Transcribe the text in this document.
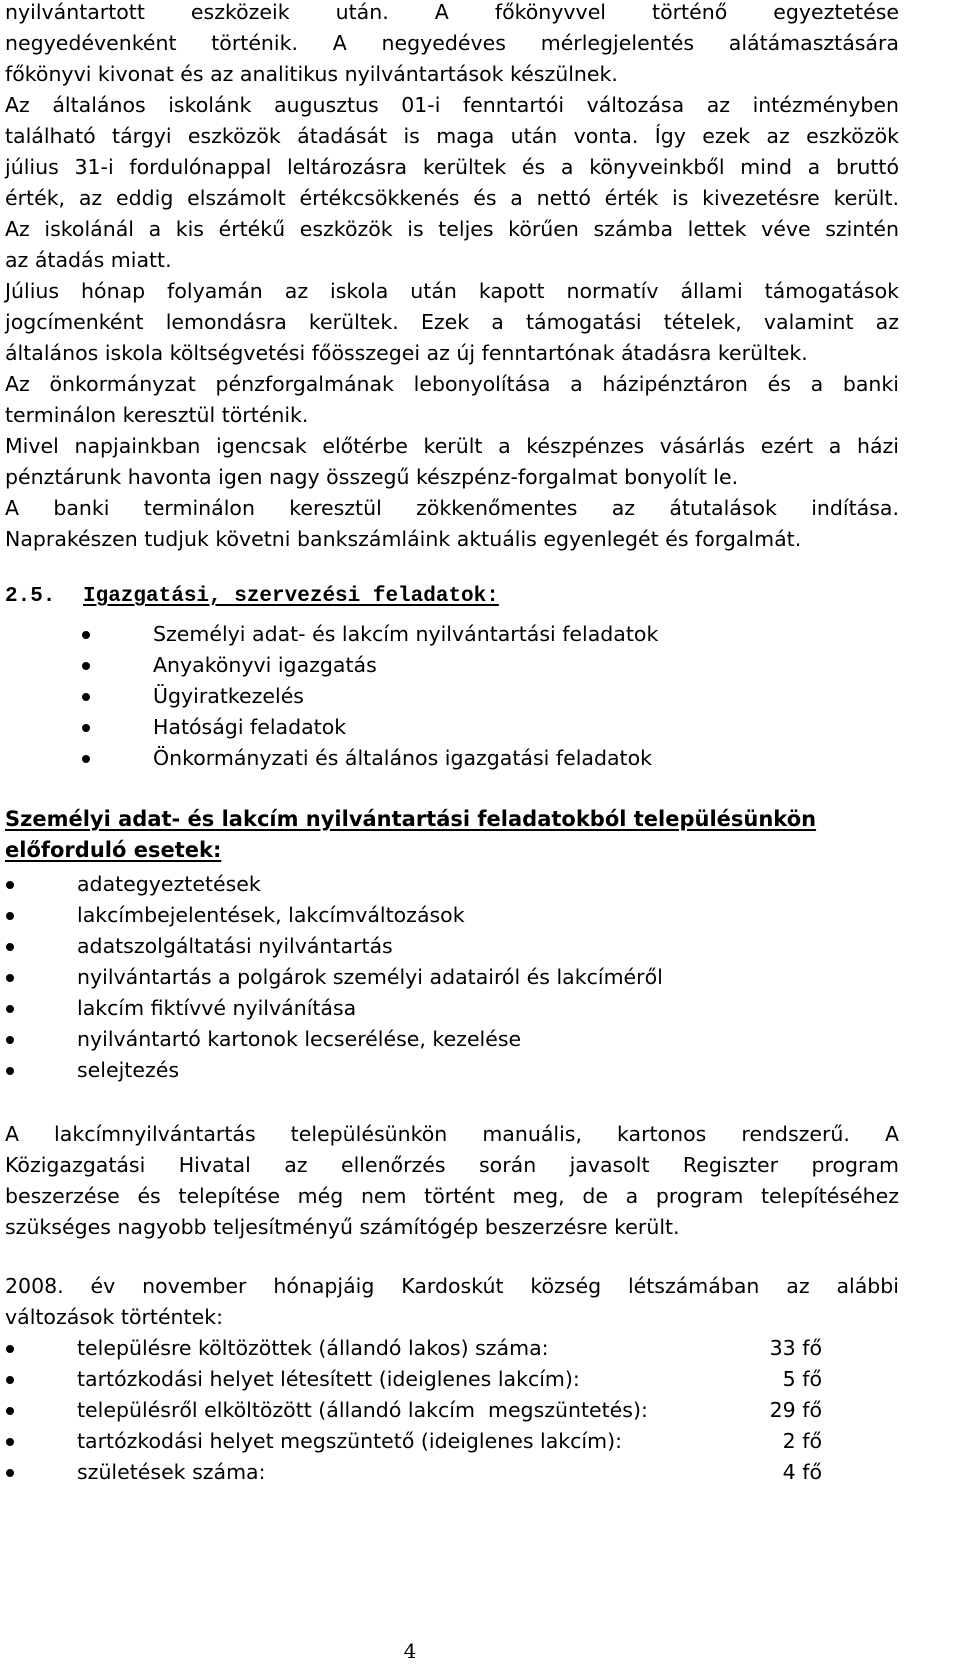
nyilvántartott eszközeik után. A főkönyvvel történő egyeztetése
negyedévenként történik. A negyedéves mérlegjelentés alátámasztására
főkönyvi kivonat és az analitikus nyilvántartások készülnek.
Az általános iskolánk augusztus 01-i fenntartói változása az intézményben
található tárgyi eszközök átadását is maga után vonta. Így ezek az eszközök
július 31-i fordulónappal leltározásra kerültek és a könyveinkből mind a bruttó
érték, az eddig elszámolt értékcsökkenés és a nettó érték is kivezetésre került.
Az iskolánál a kis értékű eszközök is teljes körűen számba lettek véve szintén
az átadás miatt.
Július hónap folyamán az iskola után kapott normatív állami támogatások
jogcímenként lemondásra kerültek. Ezek a támogatási tételek, valamint az
általános iskola költségvetési főösszegei az új fenntartónak átadásra kerültek.
Az önkormányzat pénzforgalmának lebonyolítása a házipénztáron és a banki
terminálon keresztül történik.
Mivel napjainkban igencsak előtérbe került a készpénzes vásárlás ezért a házi
pénztárunk havonta igen nagy összegű készpénz-forgalmat bonyolít le.
A banki terminálon keresztül zökkenőmentes az átutalások indítása.
Naprakészen tudjuk követni bankszámláink aktuális egyenlegét és forgalmát.
2.5. Igazgatási, szervezési feladatok:
Személyi adat- és lakcím nyilvántartási feladatok
Anyakönyvi igazgatás
Ügyiratkezelés
Hatósági feladatok
Önkormányzati és általános igazgatási feladatok
Személyi adat- és lakcím nyilvántartási feladatokból településünkön
előforduló esetek:
adategyeztetések
lakcímbejelentések, lakcímváltozások
adatszolgáltatási nyilvántartás
nyilvántartás a polgárok személyi adatairól és lakcíméről
lakcím fiktívvé nyilvánítása
nyilvántartó kartonok lecserélése, kezelése
selejtezés
A lakcímnyilvántartás településünkön manuális, kartonos rendszerű. A
Közigazgatási Hivatal az ellenőrzés során javasolt Regiszter program
beszerzése és telepítése még nem történt meg, de a program telepítéséhez
szükséges nagyobb teljesítményű számítógép beszerzésre került.
2008. év november hónapjáig Kardoskút község létszámában az alábbi
változások történtek:
településre költözöttek (állandó lakos) száma:	33 fő
tartózkodási helyet létesített (ideiglenes lakcím):	5 fő
településről elköltözött (állandó lakcím  megszüntetés):	29 fő
tartózkodási helyet megszüntető (ideiglenes lakcím):	2 fő
születések száma:	4 fő
4
